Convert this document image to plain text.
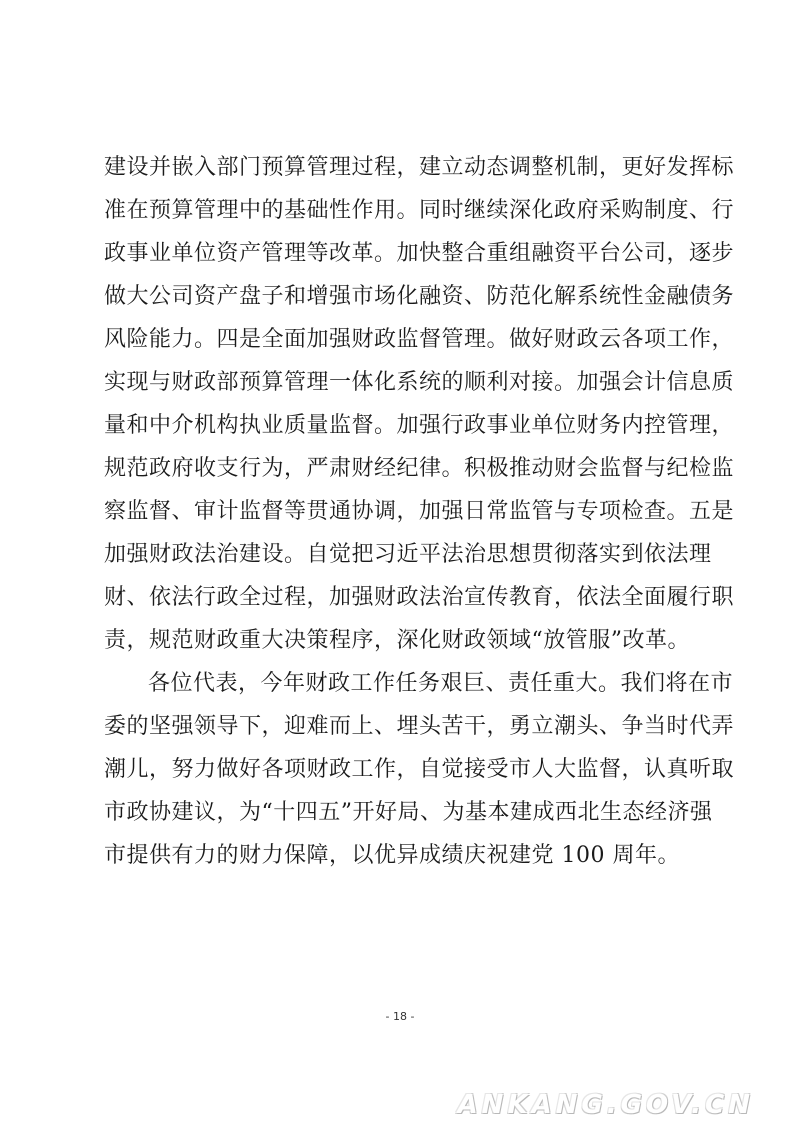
建设并嵌入部门预算管理过程，建立动态调整机制，更好发挥标
准在预算管理中的基础性作用。同时继续深化政府采购制度、行
政事业单位资产管理等改革。加快整合重组融资平台公司，逐步
做大公司资产盘子和增强市场化融资、防范化解系统性金融债务
风险能力。四是全面加强财政监督管理。做好财政云各项工作，
实现与财政部预算管理一体化系统的顺利对接。加强会计信息质
量和中介机构执业质量监督。加强行政事业单位财务内控管理，
规范政府收支行为，严肃财经纪律。积极推动财会监督与纪检监
察监督、审计监督等贯通协调，加强日常监管与专项检查。五是
加强财政法治建设。自觉把习近平法治思想贯彻落实到依法理
财、依法行政全过程，加强财政法治宣传教育，依法全面履行职
责，规范财政重大决策程序，深化财政领域“放管服”改革。
各位代表，今年财政工作任务艰巨、责任重大。我们将在市
委的坚强领导下，迎难而上、埋头苦干，勇立潮头、争当时代弄
潮儿，努力做好各项财政工作，自觉接受市人大监督，认真听取
市政协建议，为“十四五”开好局、为基本建成西北生态经济强
市提供有力的财力保障，以优异成绩庆祝建党 100 周年。
- 18 -
ANKANG.GOV.CN
